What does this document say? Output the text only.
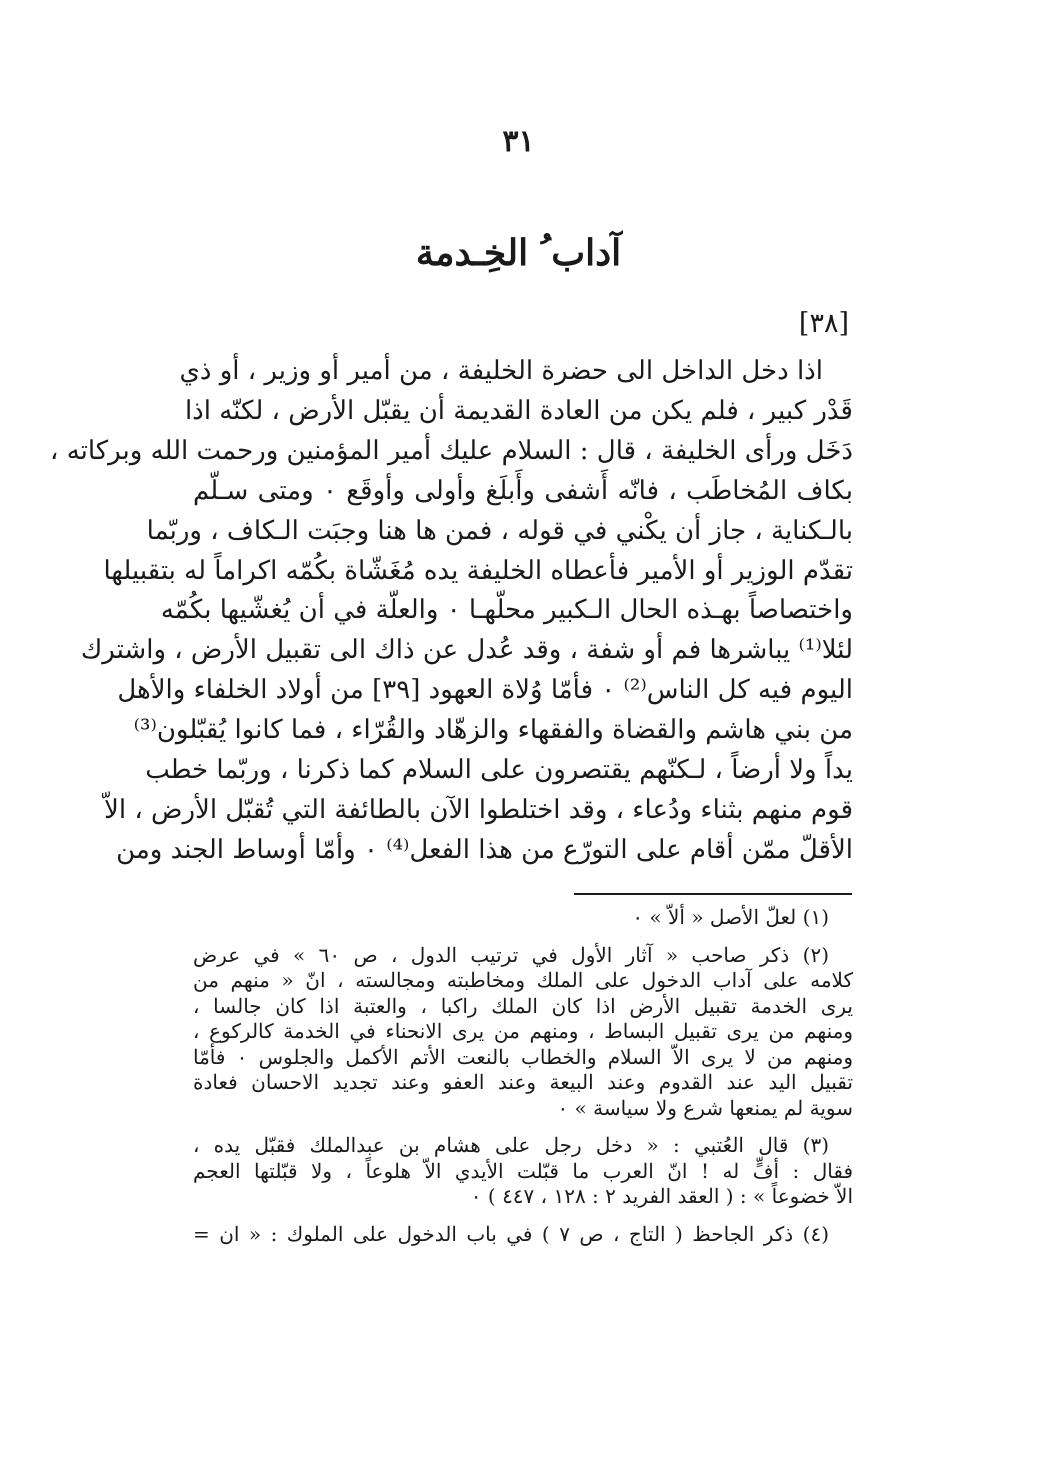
٣١
آداب ُ الخِـدمة
[٣٨]
اذا دخل الداخل الى حضرة الخليفة ، من أمير أو وزير ، أو ذي
قَدْر كبير ، فلم يكن من العادة القديمة أن يقبّل الأرض ، لكنّه اذا
دَخَل ورأى الخليفة ، قال : السلام عليك أمير المؤمنين ورحمت الله وبركاته ،
بكاف المُخاطَب ، فانّه أَشفى وأَبلَغ وأولى وأوقَع ٠ ومتى سـلّم
بالـكناية ، جاز أن يكْني في قوله ، فمن ها هنا وجبَت الـكاف ، وربّما
تقدّم الوزير أو الأمير فأعطاه الخليفة يده مُغَشّاة بكُمّه اكراماً له بتقبيلها
واختصاصاً بهـذه الحال الـكبير محلّهـا ٠ والعلّة في أن يُغشّيها بكُمّه
لئلا⁽¹⁾ يباشرها فم أو شفة ، وقد عُدل عن ذاك الى تقبيل الأرض ، واشترك
اليوم فيه كل الناس⁽²⁾ ٠ فأمّا وُلاة العهود [٣٩] من أولاد الخلفاء والأهل
من بني هاشم والقضاة والفقهاء والزهّاد والقُرّاء ، فما كانوا يُقبّلون⁽³⁾
يداً ولا أرضاً ، لـكنّهم يقتصرون على السلام كما ذكرنا ، وربّما خطب
قوم منهم بثناء ودُعاء ، وقد اختلطوا الآن بالطائفة التي تُقبّل الأرض ، الاّ
الأقلّ ممّن أقام على التورّع من هذا الفعل⁽⁴⁾ ٠ وأمّا أوساط الجند ومن
(١) لعلّ الأصل « ألاّ » ٠
(٢) ذكر صاحب « آثار الأول في ترتيب الدول ، ص ٦٠ » في عرض
كلامه على آداب الدخول على الملك ومخاطبته ومجالسته ، انّ « منهم من
يرى الخدمة تقبيل الأرض اذا كان الملك راكبا ، والعتبة اذا كان جالسا ،
ومنهم من يرى تقبيل البساط ، ومنهم من يرى الانحناء في الخدمة كالركوع ،
ومنهم من لا يرى الاّ السلام والخطاب بالنعت الأتم الأكمل والجلوس ٠ فأمّا
تقبيل اليد عند القدوم وعند البيعة وعند العفو وعند تجديد الاحسان فعادة
سوية لم يمنعها شرع ولا سياسة » ٠
(٣) قال العُتبي : « دخل رجل على هشام بن عبدالملك فقبّل يده ،
فقال : أفٍّ له ! انّ العرب ما قبّلت الأيدي الاّ هلوعاً ، ولا قبّلتها العجم
الاّ خضوعاً » : ( العقد الفريد ٢ : ١٢٨ ، ٤٤٧ ) ٠
(٤) ذكر الجاحظ ( التاج ، ص ٧ ) في باب الدخول على الملوك : « ان =
